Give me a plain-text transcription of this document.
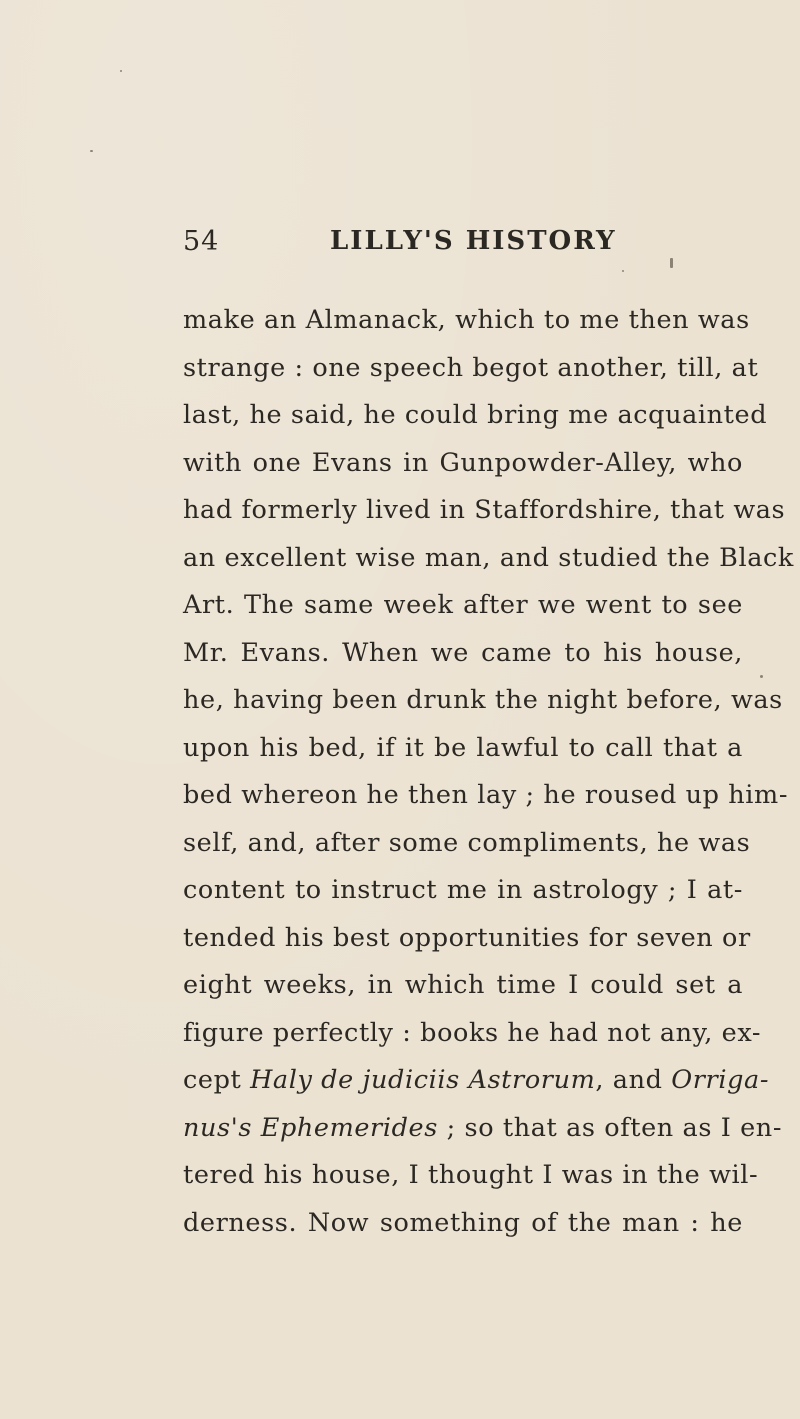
54	LILLY'S HISTORY
make an Almanack, which to me then was
strange : one speech begot another, till, at
last, he said, he could bring me acquainted
with one Evans in Gunpowder-Alley, who
had formerly lived in Staffordshire, that was
an excellent wise man, and studied the Black
Art. The same week after we went to see
Mr. Evans. When we came to his house,
he, having been drunk the night before, was
upon his bed, if it be lawful to call that a
bed whereon he then lay ; he roused up him-
self, and, after some compliments, he was
content to instruct me in astrology ; I at-
tended his best opportunities for seven or
eight weeks, in which time I could set a
figure perfectly : books he had not any, ex-
cept Haly de judiciis Astrorum, and Orriga-
nus's Ephemerides ; so that as often as I en-
tered his house, I thought I was in the wil-
derness. Now something of the man : he
